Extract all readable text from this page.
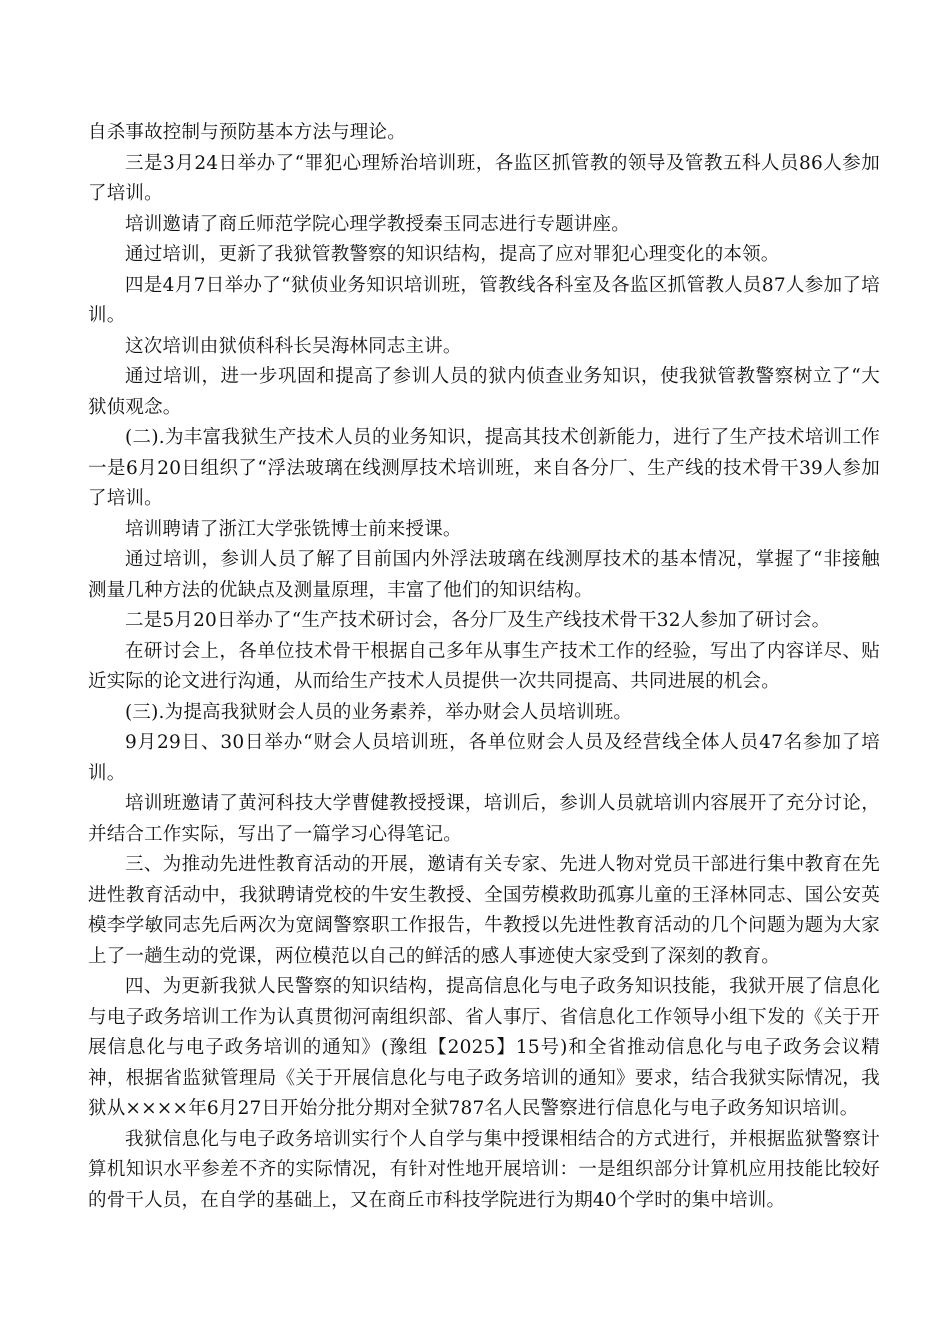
自杀事故控制与预防基本方法与理论。

三是3月24日举办了“罪犯心理矫治培训班，各监区抓管教的领导及管教五科人员86人参加了培训。

培训邀请了商丘师范学院心理学教授秦玉同志进行专题讲座。

通过培训，更新了我狱管教警察的知识结构，提高了应对罪犯心理变化的本领。

四是4月7日举办了“狱侦业务知识培训班，管教线各科室及各监区抓管教人员87人参加了培训。

这次培训由狱侦科科长吴海林同志主讲。

通过培训，进一步巩固和提高了参训人员的狱内侦查业务知识，使我狱管教警察树立了“大狱侦观念。

(二).为丰富我狱生产技术人员的业务知识，提高其技术创新能力，进行了生产技术培训工作一是6月20日组织了“浮法玻璃在线测厚技术培训班，来自各分厂、生产线的技术骨干39人参加了培训。

培训聘请了浙江大学张铣博士前来授课。

通过培训，参训人员了解了目前国内外浮法玻璃在线测厚技术的基本情况，掌握了“非接触测量几种方法的优缺点及测量原理，丰富了他们的知识结构。

二是5月20日举办了“生产技术研讨会，各分厂及生产线技术骨干32人参加了研讨会。

在研讨会上，各单位技术骨干根据自己多年从事生产技术工作的经验，写出了内容详尽、贴近实际的论文进行沟通，从而给生产技术人员提供一次共同提高、共同进展的机会。

(三).为提高我狱财会人员的业务素养，举办财会人员培训班。

9月29日、30日举办“财会人员培训班，各单位财会人员及经营线全体人员47名参加了培训。

培训班邀请了黄河科技大学曹健教授授课，培训后，参训人员就培训内容展开了充分讨论，并结合工作实际，写出了一篇学习心得笔记。

三、为推动先进性教育活动的开展，邀请有关专家、先进人物对党员干部进行集中教育在先进性教育活动中，我狱聘请党校的牛安生教授、全国劳模救助孤寡儿童的王泽林同志、国公安英模李学敏同志先后两次为宽阔警察职工作报告，牛教授以先进性教育活动的几个问题为题为大家上了一趟生动的党课，两位模范以自己的鲜活的感人事迹使大家受到了深刻的教育。

四、为更新我狱人民警察的知识结构，提高信息化与电子政务知识技能，我狱开展了信息化与电子政务培训工作为认真贯彻河南组织部、省人事厅、省信息化工作领导小组下发的《关于开展信息化与电子政务培训的通知》(豫组【2025】15号)和全省推动信息化与电子政务会议精神，根据省监狱管理局《关于开展信息化与电子政务培训的通知》要求，结合我狱实际情况，我狱从××××年6月27日开始分批分期对全狱787名人民警察进行信息化与电子政务知识培训。

我狱信息化与电子政务培训实行个人自学与集中授课相结合的方式进行，并根据监狱警察计算机知识水平参差不齐的实际情况，有针对性地开展培训：一是组织部分计算机应用技能比较好的骨干人员，在自学的基础上，又在商丘市科技学院进行为期40个学时的集中培训。
